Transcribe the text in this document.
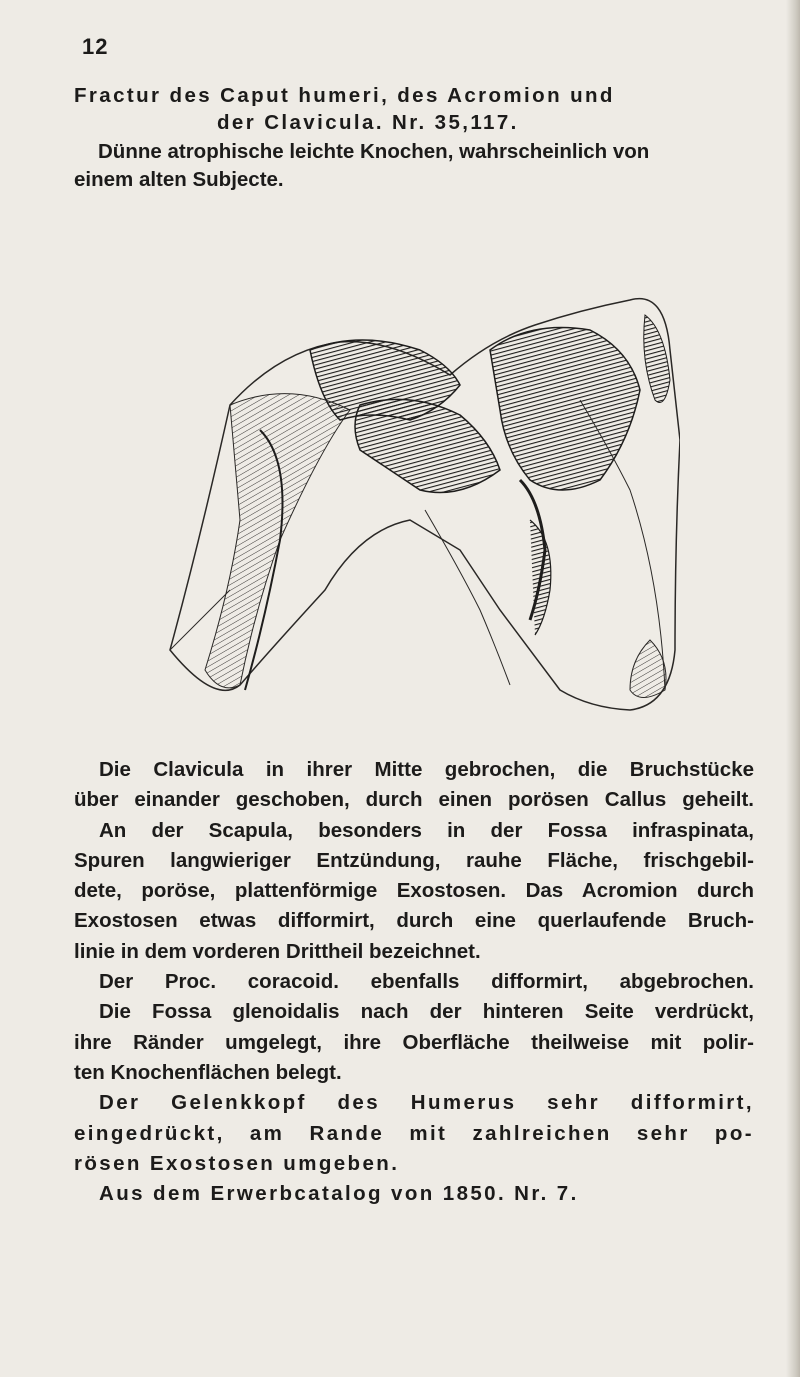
12
Fractur des Caput humeri, des Acromion und
der Clavicula. Nr. 35,117.
Dünne atrophische leichte Knochen, wahrscheinlich von
einem alten Subjecte.
Die Clavicula in ihrer Mitte gebrochen, die Bruchstücke
über einander geschoben, durch einen porösen Callus geheilt.
An der Scapula, besonders in der Fossa infraspinata,
Spuren langwieriger Entzündung, rauhe Fläche, frischgebil-
dete, poröse, plattenförmige Exostosen. Das Acromion durch
Exostosen etwas difformirt, durch eine querlaufende Bruch-
linie in dem vorderen Drittheil bezeichnet.
Der Proc. coracoid. ebenfalls difformirt, abgebrochen.
Die Fossa glenoidalis nach der hinteren Seite verdrückt,
ihre Ränder umgelegt, ihre Oberfläche theilweise mit polir-
ten Knochenflächen belegt.
Der Gelenkkopf des Humerus sehr difformirt,
eingedrückt, am Rande mit zahlreichen sehr po-
rösen Exostosen umgeben.
Aus dem Erwerbcatalog von 1850. Nr. 7.
